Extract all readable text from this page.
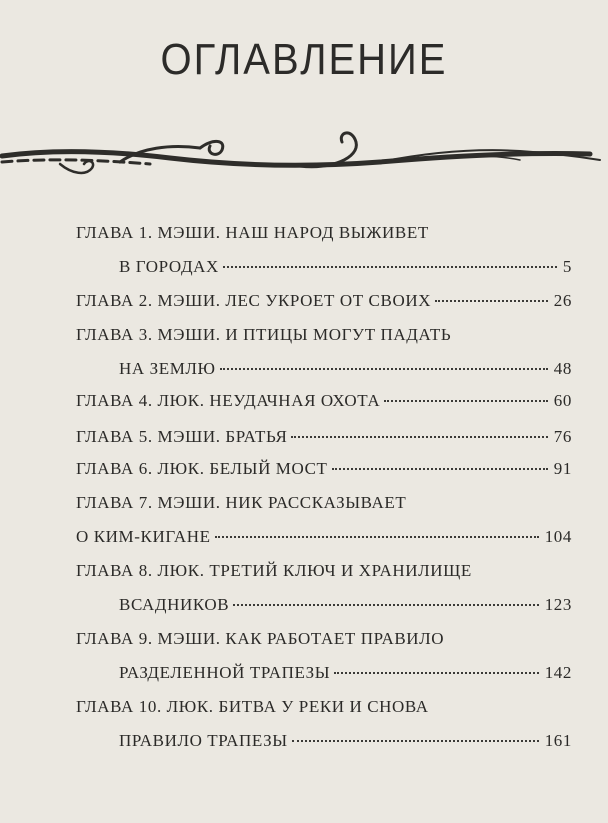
ОГЛАВЛЕНИЕ
ГЛАВА 1. МЭШИ. НАШ НАРОД ВЫЖИВЕТ
В ГОРОДАХ	5
ГЛАВА 2. МЭШИ. ЛЕС УКРОЕТ ОТ СВОИХ	26
ГЛАВА 3. МЭШИ. И ПТИЦЫ МОГУТ ПАДАТЬ
НА ЗЕМЛЮ	48
ГЛАВА 4. ЛЮК. НЕУДАЧНАЯ ОХОТА	60
ГЛАВА 5. МЭШИ. БРАТЬЯ	76
ГЛАВА 6. ЛЮК. БЕЛЫЙ МОСТ	91
ГЛАВА 7. МЭШИ. НИК РАССКАЗЫВАЕТ
О КИМ-КИГАНЕ	104
ГЛАВА 8. ЛЮК. ТРЕТИЙ КЛЮЧ И ХРАНИЛИЩЕ
ВСАДНИКОВ	123
ГЛАВА 9. МЭШИ. КАК РАБОТАЕТ ПРАВИЛО
РАЗДЕЛЕННОЙ ТРАПЕЗЫ	142
ГЛАВА 10. ЛЮК. БИТВА У РЕКИ И СНОВА
ПРАВИЛО ТРАПЕЗЫ	161
